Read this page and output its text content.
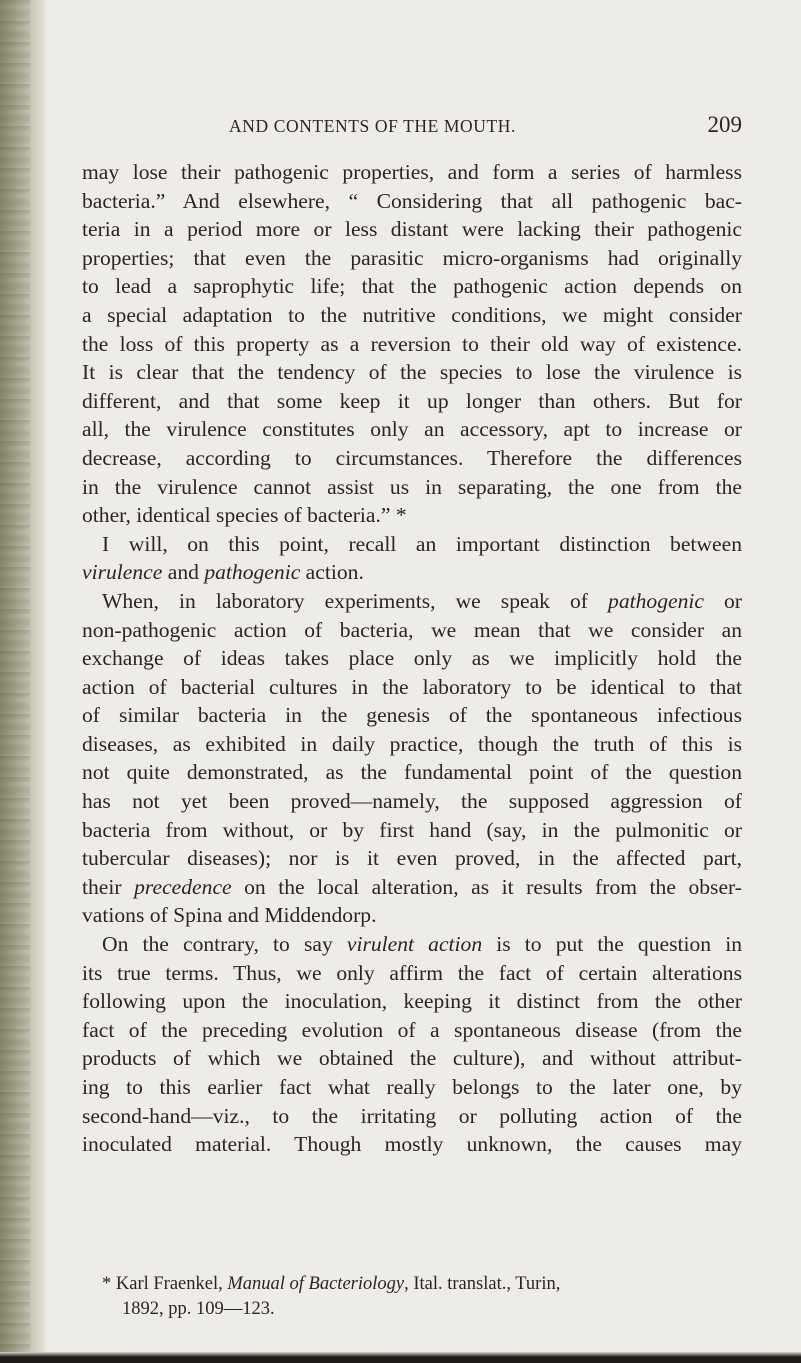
AND CONTENTS OF THE MOUTH.	209
may lose their pathogenic properties, and form a series of harmless
bacteria.” And elsewhere, “ Considering that all pathogenic bac-
teria in a period more or less distant were lacking their pathogenic
properties; that even the parasitic micro-organisms had originally
to lead a saprophytic life; that the pathogenic action depends on
a special adaptation to the nutritive conditions, we might consider
the loss of this property as a reversion to their old way of existence.
It is clear that the tendency of the species to lose the virulence is
different, and that some keep it up longer than others. But for
all, the virulence constitutes only an accessory, apt to increase or
decrease, according to circumstances. Therefore the differences
in the virulence cannot assist us in separating, the one from the
other, identical species of bacteria.” *
I will, on this point, recall an important distinction between
virulence and pathogenic action.
When, in laboratory experiments, we speak of pathogenic or
non-pathogenic action of bacteria, we mean that we consider an
exchange of ideas takes place only as we implicitly hold the
action of bacterial cultures in the laboratory to be identical to that
of similar bacteria in the genesis of the spontaneous infectious
diseases, as exhibited in daily practice, though the truth of this is
not quite demonstrated, as the fundamental point of the question
has not yet been proved—namely, the supposed aggression of
bacteria from without, or by first hand (say, in the pulmonitic or
tubercular diseases); nor is it even proved, in the affected part,
their precedence on the local alteration, as it results from the obser-
vations of Spina and Middendorp.
On the contrary, to say virulent action is to put the question in
its true terms. Thus, we only affirm the fact of certain alterations
following upon the inoculation, keeping it distinct from the other
fact of the preceding evolution of a spontaneous disease (from the
products of which we obtained the culture), and without attribut-
ing to this earlier fact what really belongs to the later one, by
second-hand—viz., to the irritating or polluting action of the
inoculated material. Though mostly unknown, the causes may
* Karl Fraenkel, Manual of Bacteriology, Ital. translat., Turin,
1892, pp. 109—123.
